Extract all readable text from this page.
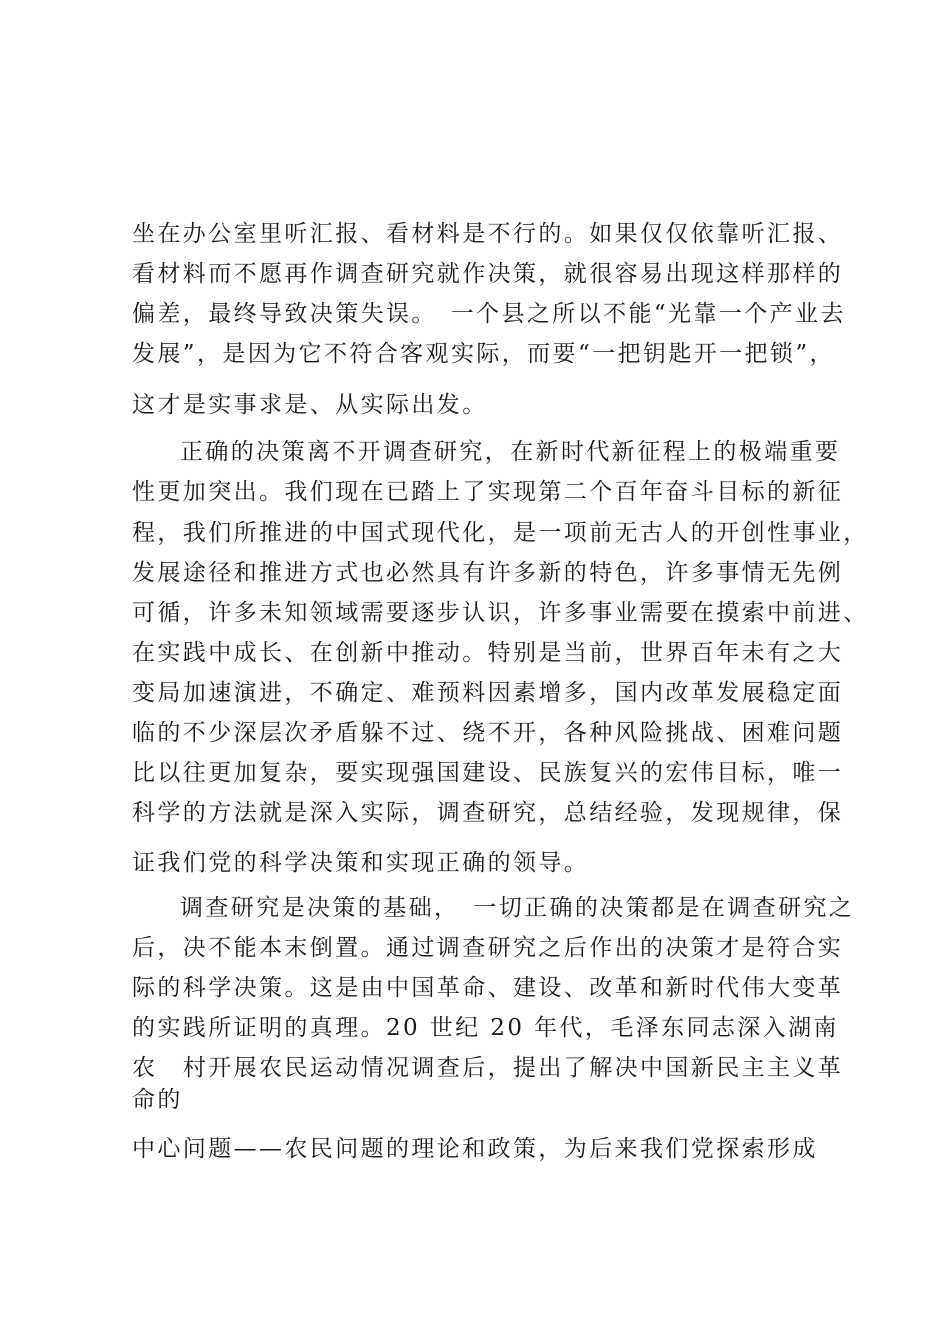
坐在办公室里听汇报、看材料是不行的。如果仅仅依靠听汇报、
看材料而不愿再作调查研究就作决策，就很容易出现这样那样的
偏差，最终导致决策失误。　一个县之所以不能“光靠一个产业去
发展”，是因为它不符合客观实际，而要“一把钥匙开一把锁”，
这才是实事求是、从实际出发。
正确的决策离不开调查研究，在新时代新征程上的极端重要
性更加突出。我们现在已踏上了实现第二个百年奋斗目标的新征
程，我们所推进的中国式现代化，是一项前无古人的开创性事业，
发展途径和推进方式也必然具有许多新的特色，许多事情无先例
可循，许多未知领域需要逐步认识，许多事业需要在摸索中前进、
在实践中成长、在创新中推动。特别是当前，世界百年未有之大
变局加速演进，不确定、难预料因素增多，国内改革发展稳定面
临的不少深层次矛盾躲不过、绕不开，各种风险挑战、困难问题
比以往更加复杂，要实现强国建设、民族复兴的宏伟目标，唯一
科学的方法就是深入实际，调查研究，总结经验，发现规律，保
证我们党的科学决策和实现正确的领导。
调查研究是决策的基础，　一切正确的决策都是在调查研究之
后，决不能本末倒置。通过调查研究之后作出的决策才是符合实
际的科学决策。这是由中国革命、建设、改革和新时代伟大变革
的实践所证明的真理。20 世纪 20 年代，毛泽东同志深入湖南
农　村开展农民运动情况调查后，提出了解决中国新民主主义革
命的
中心问题——农民问题的理论和政策，为后来我们党探索形成
